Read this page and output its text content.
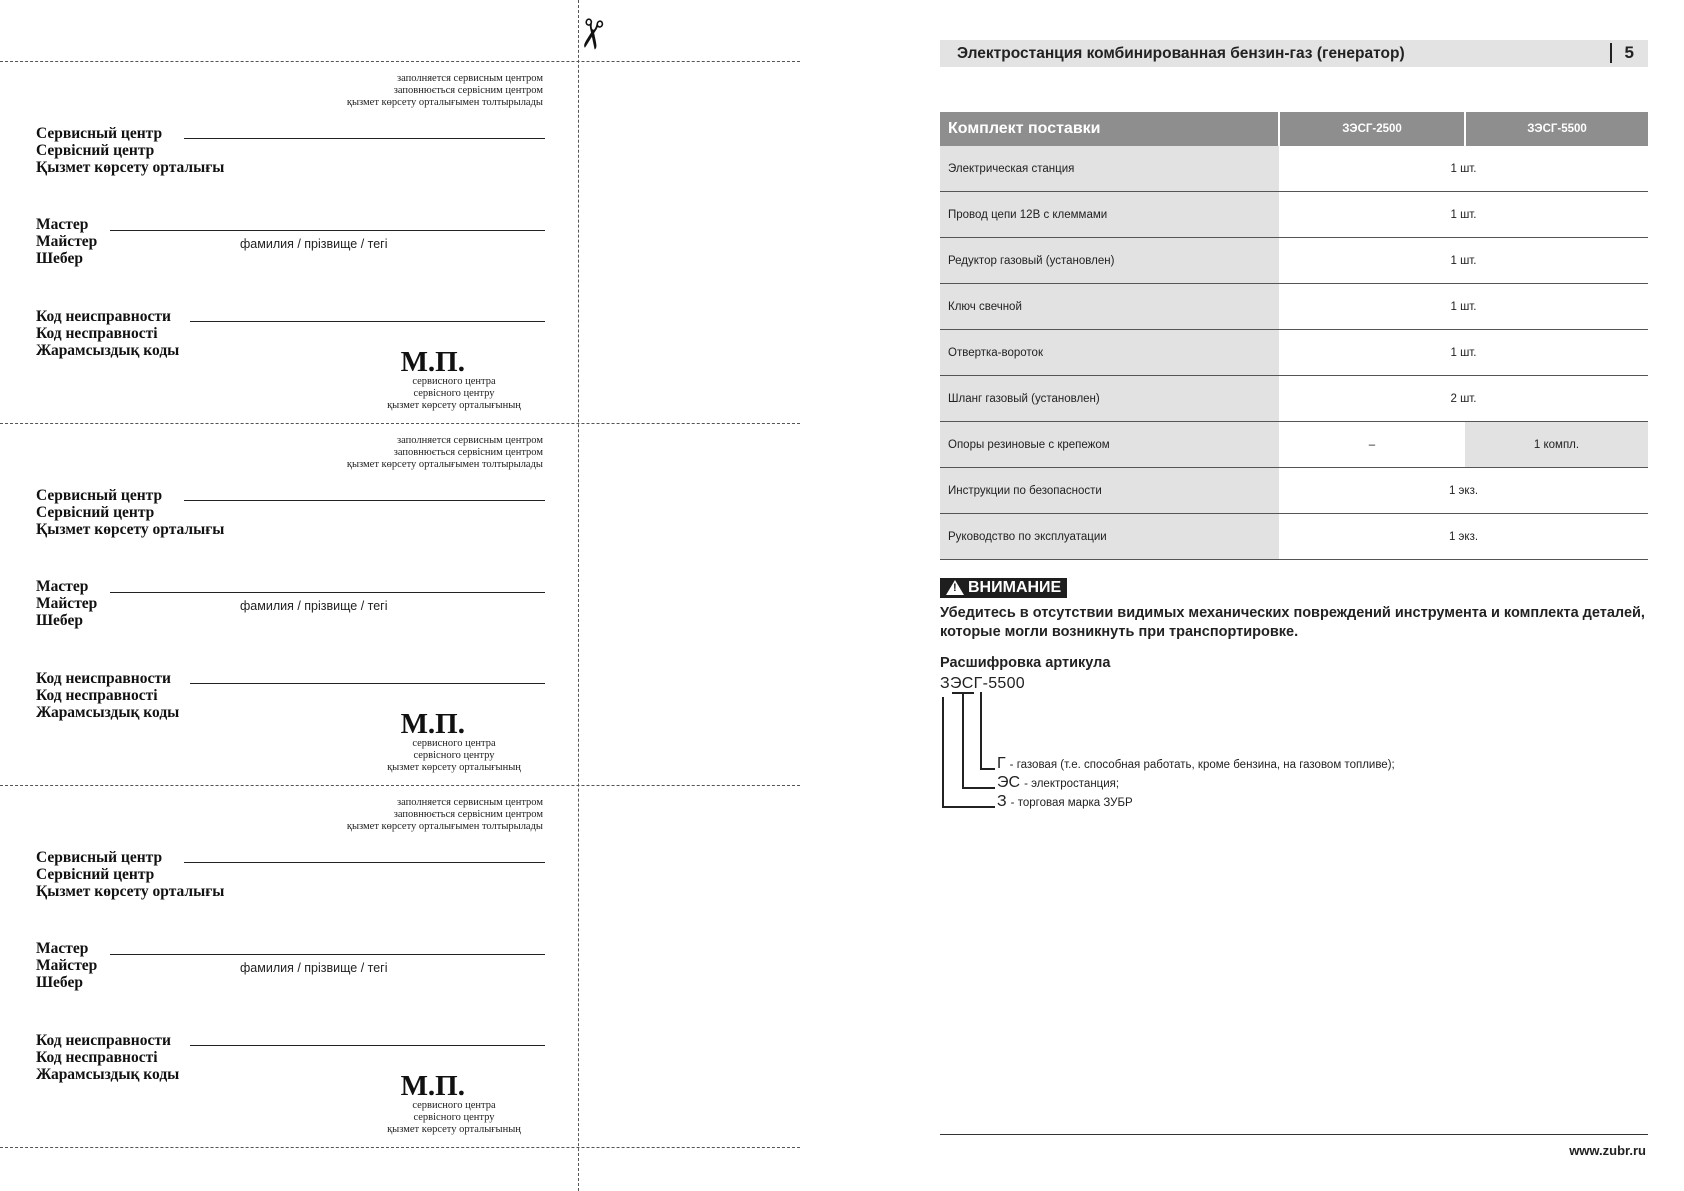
✂
заполняется сервисным центром
заповнюється сервісним центром
қызмет көрсету орталығымен толтырылады
Сервисный центр
Сервісний центр
Қызмет көрсету орталығы
Мастер
Майстер
Шебер
фамилия / прізвище / тегі
Код неисправности
Код несправності
Жарамсыздық коды	М.П.
сервисного центра
сервісного центру
қызмет көрсету орталығының
заполняется сервисным центром
заповнюється сервісним центром
қызмет көрсету орталығымен толтырылады
Сервисный центр
Сервісний центр
Қызмет көрсету орталығы
Мастер
Майстер
Шебер
фамилия / прізвище / тегі
Код неисправности
Код несправності
Жарамсыздық коды	М.П.
сервисного центра
сервісного центру
қызмет көрсету орталығының
заполняется сервисным центром
заповнюється сервісним центром
қызмет көрсету орталығымен толтырылады
Сервисный центр
Сервісний центр
Қызмет көрсету орталығы
Мастер
Майстер
Шебер
фамилия / прізвище / тегі
Код неисправности
Код несправності
Жарамсыздық коды	М.П.
сервисного центра
сервісного центру
қызмет көрсету орталығының
Электростанция комбинированная бензин-газ (генератор)	5
Комплект поставки	ЗЭСГ-2500	ЗЭСГ-5500
Электрическая станция	1 шт.	
Провод цепи 12В с клеммами	1 шт.	
Редуктор газовый (установлен)	1 шт.	
Ключ свечной	1 шт.	
Отвертка-вороток	1 шт.	
Шланг газовый (установлен)	2 шт.	
Опоры резиновые с крепежом	–	1 компл.
Инструкции по безопасности	1 экз.	
Руководство по эксплуатации	1 экз.	
!
ВНИМАНИЕ
Убедитесь в отсутствии видимых механических повреждений инструмента и комплекта деталей, которые могли возникнуть при транспортировке.
Расшифровка артикула
ЗЭСГ-5500
Г - газовая (т.е. способная работать, кроме бензина, на газовом топливе);
ЭС - электростанция;
З - торговая марка ЗУБР
www.zubr.ru
